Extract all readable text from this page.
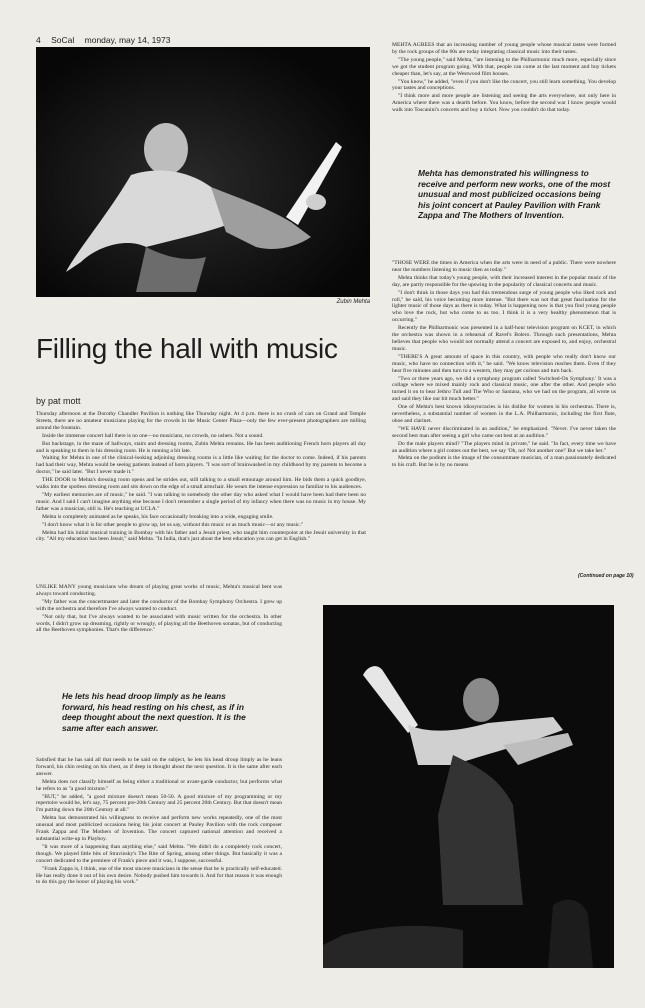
4 SoCal monday, may 14, 1973
Zubin Mehta
Filling the hall with music
by pat mott

Thursday afternoon at the Dorothy Chandler Pavilion is nothing like Thursday night. At 4 p.m. there is no crush of cars on Grand and Temple Streets, there are no amateur musicians playing for the crowds in the Music Center Plaza—only the few ever-present photographers are milling around the fountain.

Inside the immense concert hall there is no one—no musicians, no crowds, no ushers. Not a sound.

But backstage, in the maze of hallways, stairs and dressing rooms, Zubin Mehta remains. He has been auditioning French horn players all day and is speaking to them in his dressing room. He is running a bit late.

Waiting for Mehta in one of the clinical-looking adjoining dressing rooms is a little like waiting for the doctor to come. Indeed, if his parents had had their way, Mehta would be seeing patients instead of horn players. "I was sort of brainwashed in my childhood by my parents to become a doctor," he said later. "But I never made it."

THE DOOR to Mehta's dressing room opens and he strides out, still talking to a small entourage around him. He bids them a quick goodbye, walks into the spotless dressing room and sits down on the edge of a small armchair. He wears the intense expression so familiar to his audiences.

"My earliest memories are of music," he said. "I was talking to somebody the other day who asked what I would have been had there been no music. And I said I can't imagine anything else because I don't remember a single period of my infancy when there was no music in my house. My father was a musician, still is. He's teaching at UCLA."

Mehta is completely animated as he speaks, his face occasionally breaking into a wide, engaging smile.

"I don't know what it is for other people to grow up, let us say, without this music or as much music—or any music."

Mehta had his initial musical training in Bombay with his father and a Jesuit priest, who taught him counterpoint at the Jesuit university in that city. "All my education has been Jesuit," said Mehta. "In India, that's just about the best education you can get in English."

UNLIKE MANY young musicians who dream of playing great works of music, Mehta's musical bent was always toward conducting.

"My father was the concertmaster and later the conductor of the Bombay Symphony Orchestra. I grew up with the orchestra and therefore I've always wanted to conduct.

"Not only that, but I've always wanted to be associated with music written for the orchestra. In other words, I didn't grow up dreaming, rightly or wrongly, of playing all the Beethoven sonatas, but of conducting all the Beethoven symphonies. That's the difference."

He lets his head droop limply as he leans forward, his head resting on his chest, as if in deep thought about the next question. It is the same after each answer.

Satisfied that he has said all that needs to be said on the subject, he lets his head droop limply as he leans forward, his chin resting on his chest, as if deep in thought about the next question. It is the same after each answer.

Mehta does not classify himself as being either a traditional or avant-garde conductor, but performs what he refers to as "a good mixture."

"BUT," he added, "a good mixture doesn't mean 50-50. A good mixture of my programming or my repertoire would be, let's say, 75 percent pre-20th Century and 25 percent 20th Century. But that doesn't mean I'm putting down the 20th Century at all."

Mehta has demonstrated his willingness to receive and perform new works repeatedly, one of the most unusual and most publicized occasions being his joint concert at Pauley Pavilion with the rock composer Frank Zappa and The Mothers of Invention. The concert captured national attention and received a substantial write-up in Playboy.

"It was more of a happening than anything else," said Mehta. "We didn't do a completely rock concert, though. We played little bits of Stravinsky's The Rite of Spring, among other things. But basically it was a concert dedicated to the premiere of Frank's piece and it was, I suppose, successful.

"Frank Zappa is, I think, one of the most sincere musicians in the sense that he is practically self-educated. He has really done it out of his own desire. Nobody pushed him towards it. And for that reason it was enough to do this guy the honor of playing his work."

MEHTA AGREES that an increasing number of young people whose musical tastes were formed by the rock groups of the 60s are today integrating classical music into their tastes.

"The young people," said Mehta, "are listening to the Philharmonic much more, especially since we got the student program going. With that, people can come at the last moment and buy tickets cheaper than, let's say, at the Westwood film houses.

"You know," he added, "even if you don't like the concert, you still learn something. You develop your tastes and conceptions.

"I think more and more people are listening and seeing the arts everywhere, not only here in America where there was a dearth before. You know, before the second war I know people would walk into Toscanini's concerts and buy a ticket. Now you couldn't do that today.

Mehta has demonstrated his willingness to receive and perform new works, one of the most unusual and most publicized occasions being his joint concert at Pauley Pavilion with Frank Zappa and The Mothers of Invention.

"THOSE WERE the times in America when the arts were in need of a public. There were nowhere near the numbers listening to music then as today."

Mehta thinks that today's young people, with their increased interest in the popular music of the day, are partly responsible for the upswing in the popularity of classical concerts and music.

"I don't think in those days you had this tremendous surge of young people who liked rock and roll," he said, his voice becoming more intense. "But there was not that great fascination for the lighter music of those days as there is today. What is happening now is that you find young people who love the rock, but who come to us too. I think it is a very healthy phenomenon that is occurring."

Recently the Philharmonic was presented in a half-hour television program on KCET, in which the orchestra was shown in a rehearsal of Ravel's Bolero. Through such presentations, Mehta believes that people who would not normally attend a concert are exposed to, and enjoy, orchestral music.

"THERE'S A great amount of space in this country, with people who really don't know our music, who have no connection with it," he said. "We know television reaches them. Even if they hear five minutes and then turn to a western, they may get curious and turn back.

"Two or three years ago, we did a symphony program called 'Switched-On Symphony.' It was a collage where we mixed mainly rock and classical music, one after the other. And people who turned it on to hear Jethro Tull and The Who or Santana, who we had on the program, all wrote us and said they like our bit much better."

One of Mehta's best known idiosyncracies is his dislike for women in his orchestras. There is, nevertheless, a substantial number of women in the L.A. Philharmonic, including the first flute, oboe and clarinet.

"WE HAVE never discriminated in an audition," he emphasized. "Never. I've never taken the second best man after seeing a girl who came out best at an audition."

Do the male players mind? "The players mind in private," he said. "In fact, every time we have an audition where a girl comes out the best, we say 'Oh, no! Not another one!' But we take her."

Mehta on the podium is the image of the consummate musician, of a man passionately dedicated to his craft. But he is by no means

(Continued on page 10)
